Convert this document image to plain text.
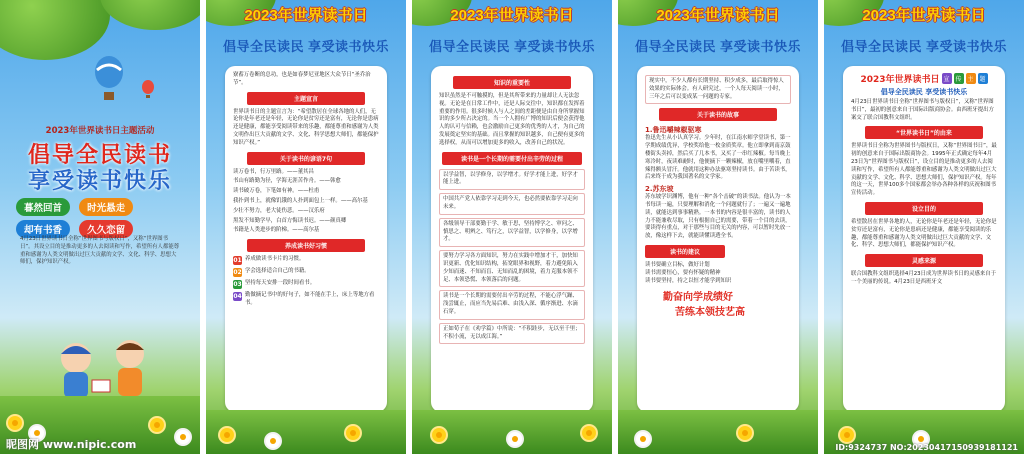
2023年世界读书日主题活动
倡导全民读书
享受读书快乐
暮然回首	时光悬走 却有书香	久久恋留
4月23日世界读书日全称“世界图书与版权日”，又称“世界图书日”。其设立目的是推动更多的人去阅读和写作，希望所有人都能尊重和感谢为人类文明做出过巨大贡献的文学、文化、科学、思想大师们，保护知识产权。
昵图网 www.nipic.com
2023年世界读书日
倡导全民读民 享受读书快乐
寮蓄万卷断的总功，也是如春梦尼亚地区大众节日“圣乔治节”。
主题宣言
世界读书日的主题宣言为：“希望散居在全球各地的人们，无论你是年老还是年轻，无论你是贫穷还是富有，无论你是患病还是健康，都能享受阅读带来的乐趣，都能尊重和感谢为人类文明作出巨大贡献的文学、文化、科学思想大师们，都能保护知识产权。”
关于读书的谚语7句
读万卷书，行万里路。——董其昌
书山有路勤为径，学海无涯苦作舟。——韩愈
读书破万卷，下笔如有神。——杜甫
我扑到书上，就像饥饿的人扑到面包上一样。——高尔基
少壮不努力，老大徒伤悲。——汉乐府
黑发不知勤学早，白首方悔读书迟。——颜真卿
书籍是人类进步的阶梯。——高尔基
养成读书好习惯
01 养成做读书卡片的习惯。
02 学会选择适合自己的书籍。
03 坚持每天安排一段时间看书。
04 勤做摘记书中的好句子，如不能在手上，床上等地方看书。
2023年世界读书日
倡导全民读民 享受读书快乐
知识的重要性
知识虽然是不可触摸的，但是其所带来的力量却让人无法忽视。无论是在日常工作中，还是人际交往中，知识都在发挥着重要的作用。很多时候人与人之间的差距便是由自身所掌握知识的多少所占决定的。当一个人拥有广博的知识后便会获得他人的认可与信赖，也会激励自己更多的优秀的人才，为自己的发展奠定坚实的基础。而且掌握的知识越多，自己便有更多的选择权，从而可以增加更多的收入，改善自己的状况。
读书是一个长期的需要付出辛劳的过程
以学益智，以学修身，以学增才。好学才能上进，好学才能上进。
中国共产党人依靠学习走到今天，也必然要依靠学习走向未来。
各级领导干部要勤于学、敏于思，坚持博学之、审问之、慎思之、明辨之、笃行之，以学益智，以学修身，以学增才。
要努力学习各方面知识，努力在实践中增加才干，加快知识更新、优化知识结构，拓宽眼界和视野，着力避免陷入少知而迷、不知而盲、无知而乱的困境，着力克服本领不足、本领恐慌、本领落后的问题。
读书是一个长期的需要付出辛劳的过程，不能心浮气躁、浅尝辄止，而应当先易后难、由浅入深、循序渐进、水滴石穿。
正如荀子在《劝学篇》中所说：“不积跬步，无以至千里；不积小流，无以成江海。”
2023年世界读书日
倡导全民读民 享受读书快乐
现实中，不少人都有长期坚持、积少成多，最后取得惊人效果的实际体会。有人研究过，一个人每天阅读一小时，三年之后可以变成某一问题的专家。
关于读书的故事
1.鲁迅嚼辣椒驱寒
鲁迅先生从小认真学习。少年时，在江南水师学堂读书，第一学期成绩优异，学校奖给他一枚金质奖章。他立即拿到南京鼓楼街头卖掉，然后买了几本书，又买了一串红辣椒。每当晚上寒冷时，夜读难耐时，他便摘下一颗辣椒，放在嘴里嚼着，直辣得额头冒汗。他就用这种办法驱寒坚持读书。由于苦读书，后来终于成为我国著名的文学家。
2.苏东坡
苏东坡学识渊博，他有一种“各个击破”的读书法。他认为一本书每读一遍，只要理解和消化一个问题就行了；一遍又一遍地读，就能达到事事精熟。一本书的内容是很丰富的，读书的人力不能兼收尽取，只有根据自己的需要，带着一个目的去读，要读得有重点，对于那些与目的无关的内容，可以暂时先放一放，像这样下去，就能读懂读透全书。
读书的建议
读书要确立目标，做好计划
读书需要恒心，要有怀疑的精神
读书要坚持，持之以恒才能学到知识
勤奋向学成绩好
苦练本领技艺高
2023年世界读书日
倡导全民读民 享受读书快乐
2023年世界读书日 宣	传	主	题
倡导全民读民 享受读书快乐
4月23日世界读书日全称“世界图书与版权日”，又称“世界图书日”，最初的创意来自于国际出版商协会。由西班牙提出方案交了联合国教科文组织。
“世界读书日”的由来
世界读书日全称为世界图书与版权日，又称“世界图书日”，最初的创意来自于国际出版商协会。1995年正式确定每年4月23日为“世界图书与版权日”，设立目的是推动更多的人去阅读和写作，希望所有人都能尊重和感谢为人类文明做出过巨大贡献的文学、文化、科学、思想大师们，保护知识产权。每年的这一天，世界100多个国家都会举办各种各样的庆祝和图书宣传活动。
设立目的
希望散居在世界各地的人，无论你是年老还是年轻，无论你是贫穷还是富有，无论你是患病还是健康，都能享受阅读的乐趣，都能尊重和感谢为人类文明做出过巨大贡献的文学、文化、科学、思想大师们，都能保护知识产权。
灵感来源
联合国教科文组织选择4月23日成为世界读书日的灵感来自于一个美丽的传说。4月23日是西班牙文
ID:9324737 NO:20230417150939181121
